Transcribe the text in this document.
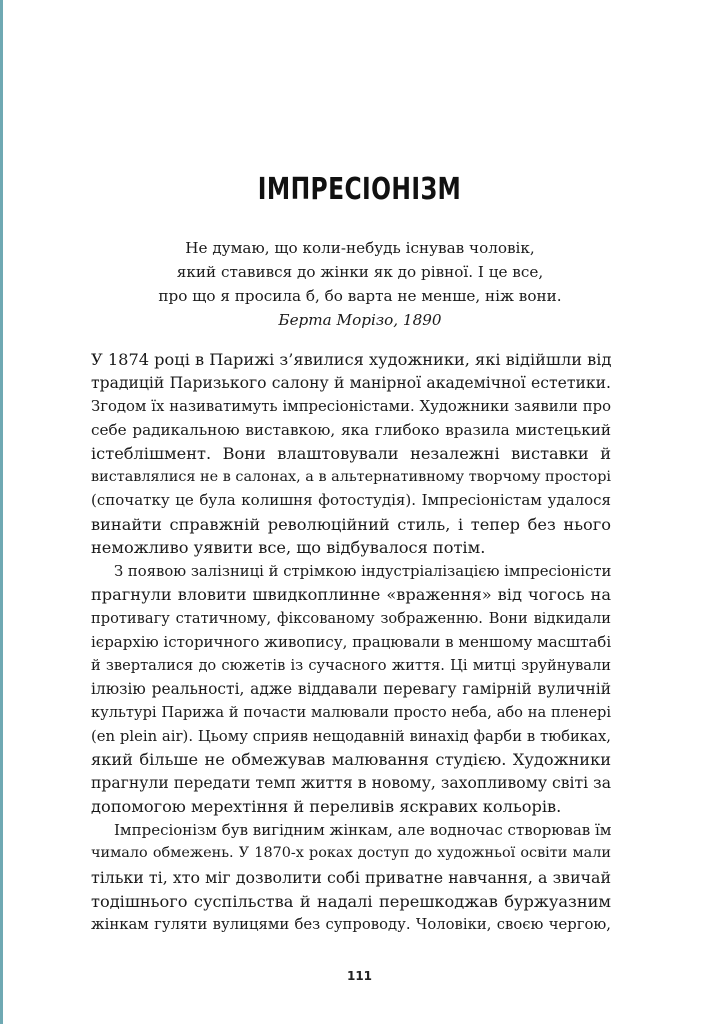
ІМПРЕСІОНІЗМ
Не думаю, що коли-небудь існував чоловік,
який ставився до жінки як до рівної. І це все,
про що я просила б, бо варта не менше, ніж вони.
Берта Морізо, 1890

У 1874 році в Парижі з’явилися художники, які відійшли від
традицій Паризького салону й манірної академічної естетики.
Згодом їх називатимуть імпресіоністами. Художники заявили про
себе радикальною виставкою, яка глибоко вразила мистецький
істеблішмент. Вони влаштовували незалежні виставки й
виставлялися не в салонах, а в альтернативному творчому просторі
(спочатку це була колишня фотостудія). Імпресіоністам удалося
винайти справжній революційний стиль, і тепер без нього
неможливо уявити все, що відбувалося потім.

З появою залізниці й стрімкою індустріалізацією імпресіоністи
прагнули вловити швидкоплинне «враження» від чогось на
противагу статичному, фіксованому зображенню. Вони відкидали
ієрархію історичного живопису, працювали в меншому масштабі
й зверталися до сюжетів із сучасного життя. Ці митці зруйнували
ілюзію реальності, адже віддавали перевагу гамірній вуличній
культурі Парижа й почасти малювали просто неба, або на пленері
(en plein air). Цьому сприяв нещодавній винахід фарби в тюбиках,
який більше не обмежував малювання студією. Художники
прагнули передати темп життя в новому, захопливому світі за
допомогою мерехтіння й переливів яскравих кольорів.

Імпресіонізм був вигідним жінкам, але водночас створював їм
чимало обмежень. У 1870-х роках доступ до художньої освіти мали
тільки ті, хто міг дозволити собі приватне навчання, а звичай
тодішнього суспільства й надалі перешкоджав буржуазним
жінкам гуляти вулицями без супроводу. Чоловіки, своєю чергою,

111
